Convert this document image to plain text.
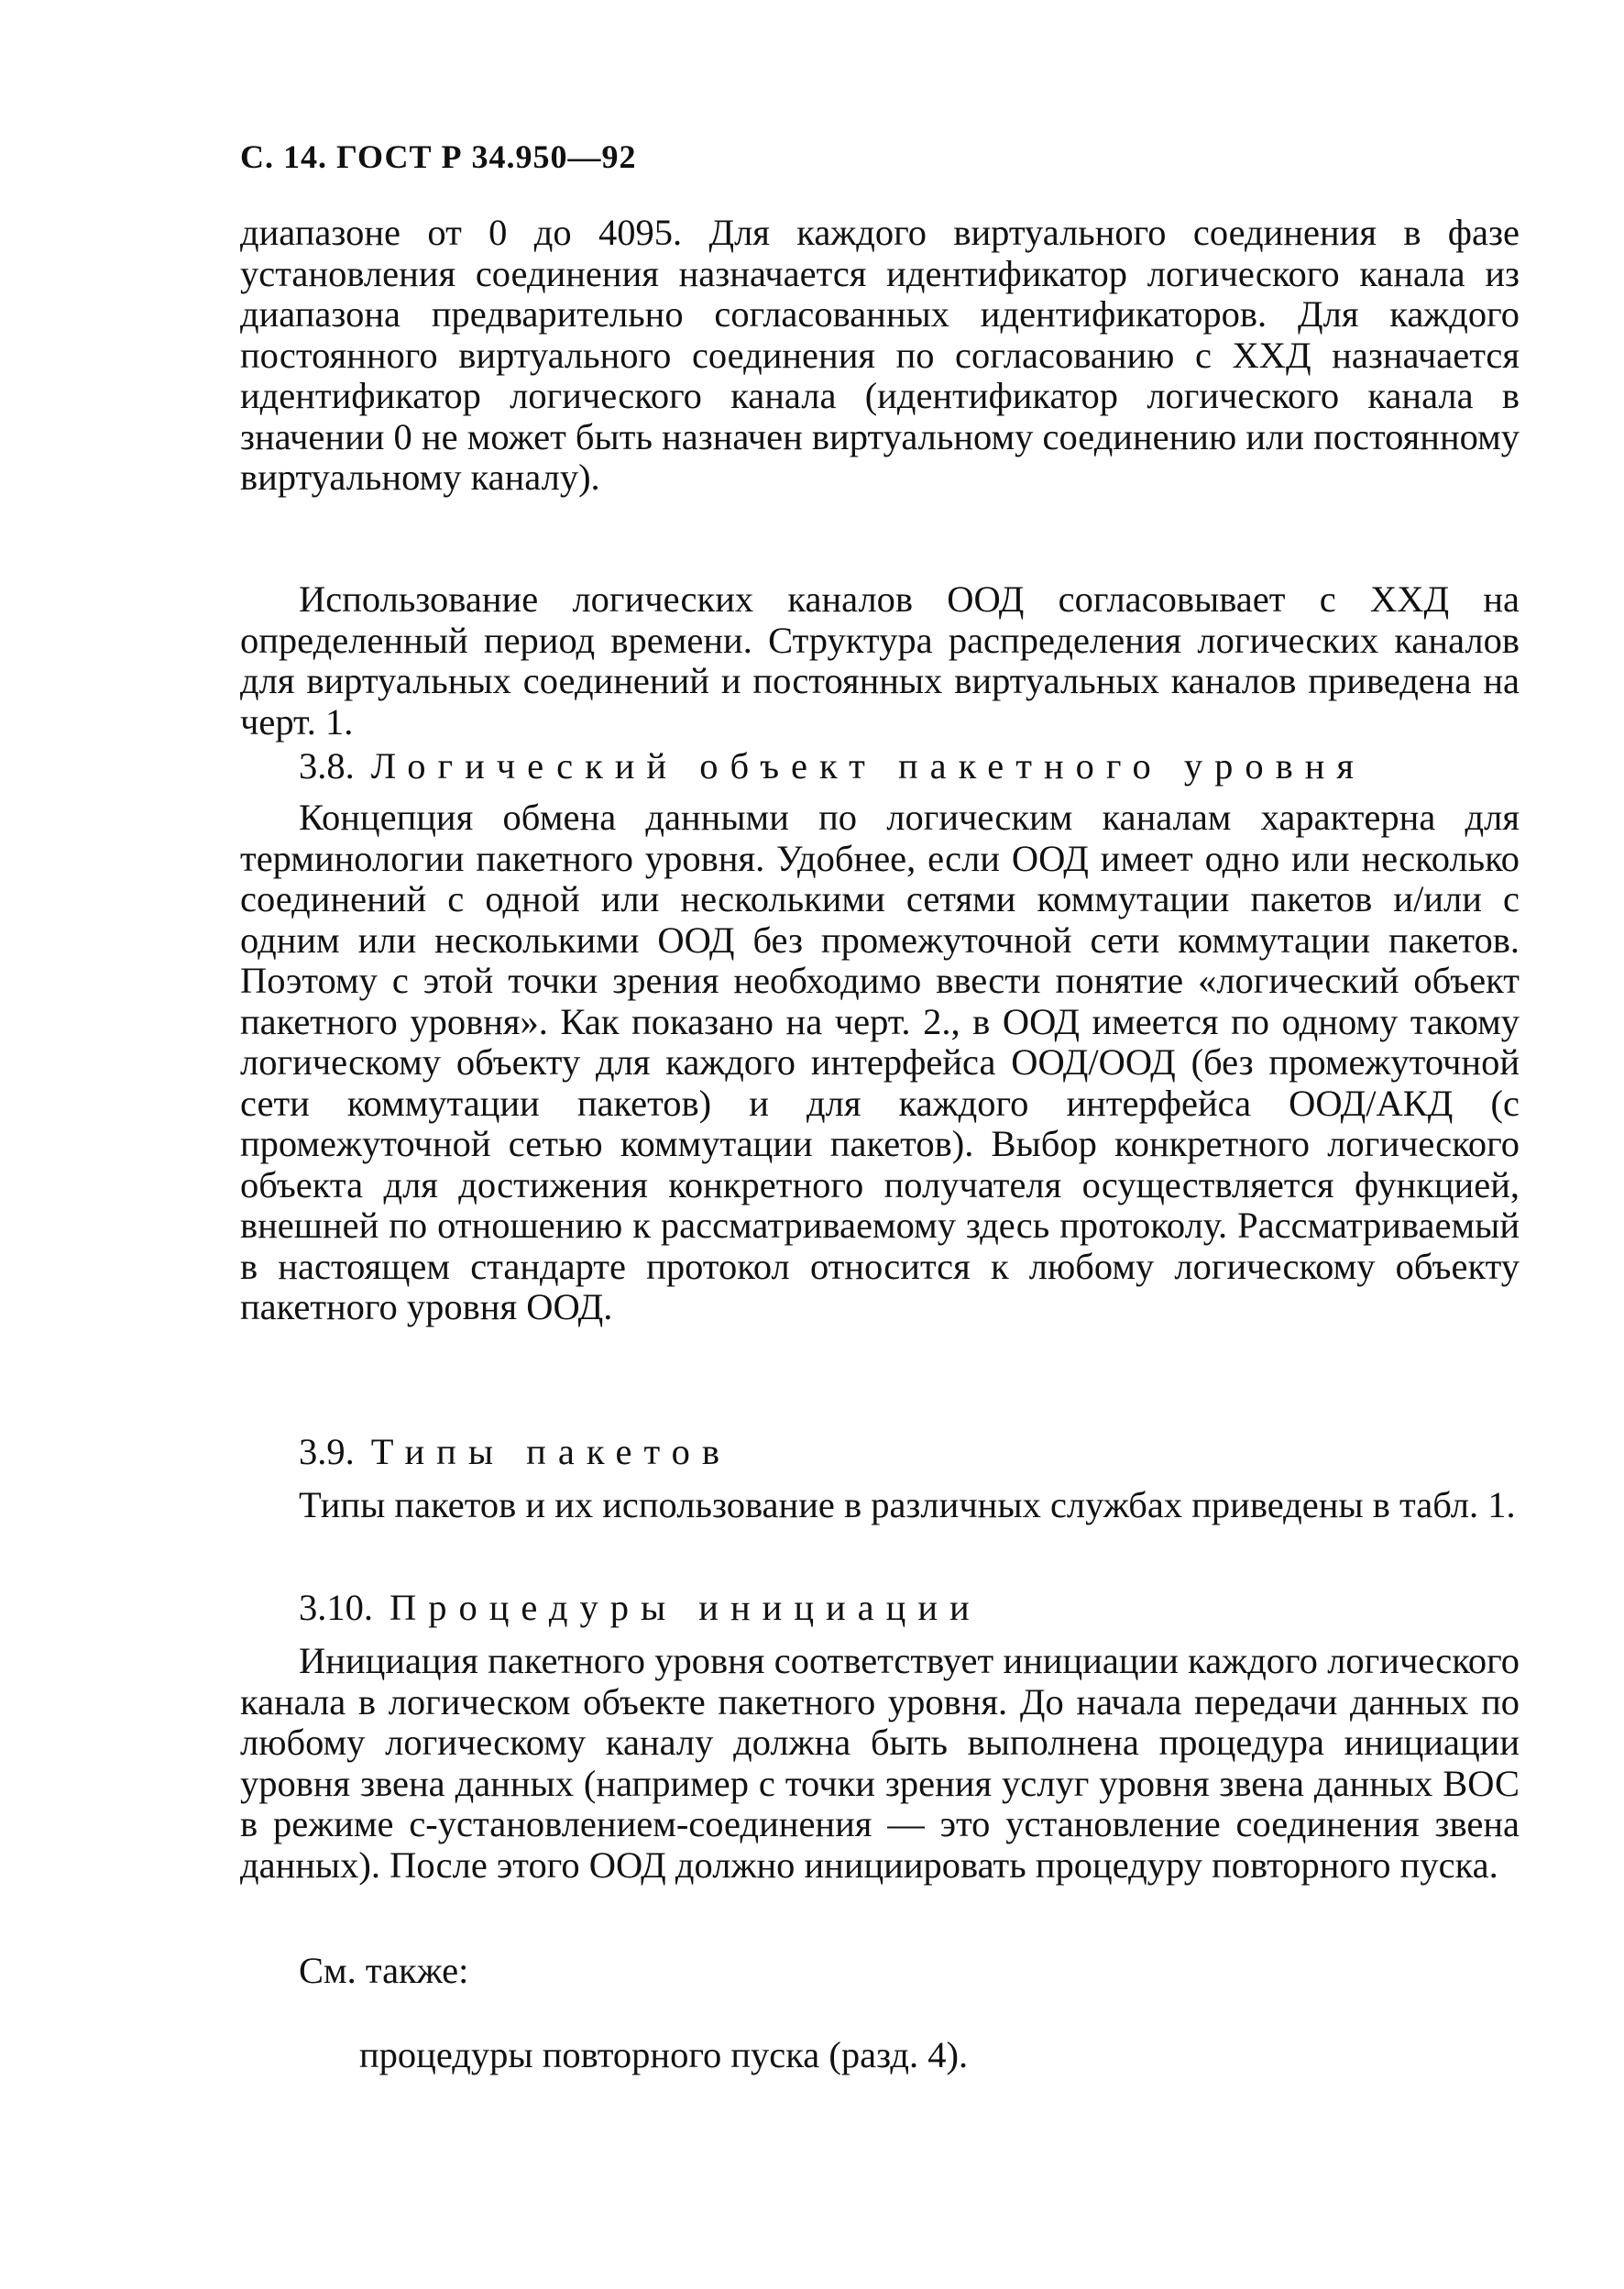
С. 14. ГОСТ Р 34.950—92
диапазоне от 0 до 4095. Для каждого виртуального соединения в фазе установления соединения назначается идентификатор логического канала из диапазона предварительно согласованных идентификаторов. Для каждого постоянного виртуального соединения по согласованию с ХХД назначается идентификатор логического канала (идентификатор логического канала в значении 0 не может быть назначен виртуальному соединению или постоянному виртуальному каналу).
Использование логических каналов ООД согласовывает с ХХД на определенный период времени. Структура распределения логических каналов для виртуальных соединений и постоянных виртуальных каналов приведена на черт. 1.
3.8. Логический объект пакетного уровня
Концепция обмена данными по логическим каналам характерна для терминологии пакетного уровня. Удобнее, если ООД имеет одно или несколько соединений с одной или несколькими сетями коммутации пакетов и/или с одним или несколькими ООД без промежуточной сети коммутации пакетов. Поэтому с этой точки зрения необходимо ввести понятие «логический объект пакетного уровня». Как показано на черт. 2., в ООД имеется по одному такому логическому объекту для каждого интерфейса ООД/ООД (без промежуточной сети коммутации пакетов) и для каждого интерфейса ООД/АКД (с промежуточной сетью коммутации пакетов). Выбор конкретного логического объекта для достижения конкретного получателя осуществляется функцией, внешней по отношению к рассматриваемому здесь протоколу. Рассматриваемый в настоящем стандарте протокол относится к любому логическому объекту пакетного уровня ООД.
3.9. Типы пакетов
Типы пакетов и их использование в различных службах приведены в табл. 1.
3.10. Процедуры инициации
Инициация пакетного уровня соответствует инициации каждого логического канала в логическом объекте пакетного уровня. До начала передачи данных по любому логическому каналу должна быть выполнена процедура инициации уровня звена данных (например с точки зрения услуг уровня звена данных ВОС в режиме с-установлением-соединения — это установление соединения звена данных). После этого ООД должно инициировать процедуру повторного пуска.
См. также:
процедуры повторного пуска (разд. 4).
